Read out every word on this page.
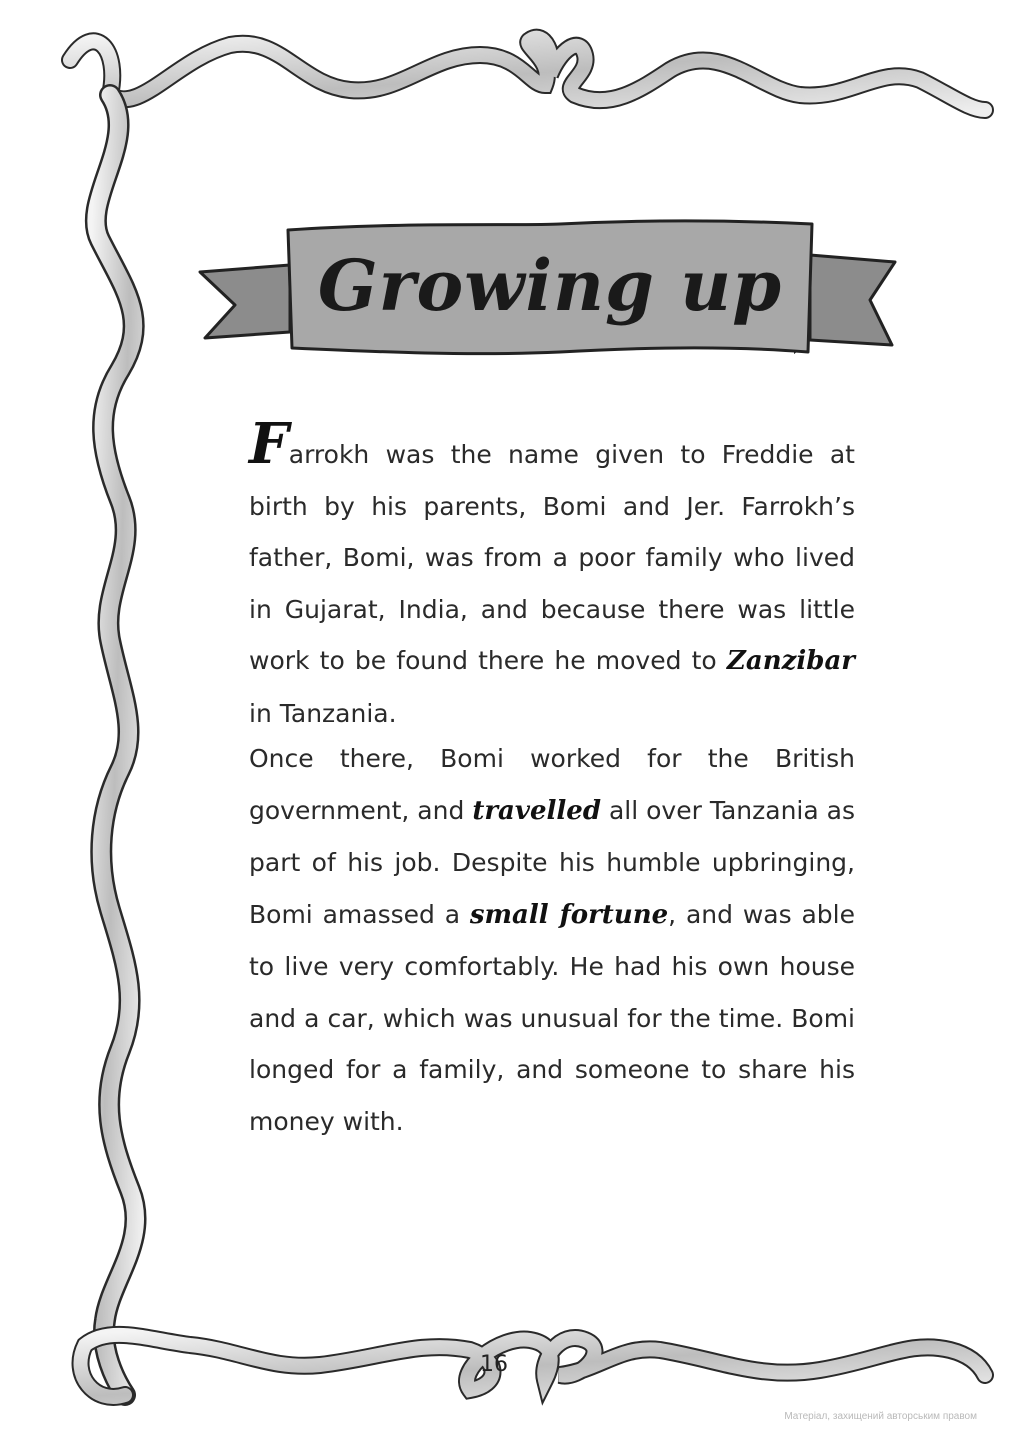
Growing up
Farrokh was the name given to Freddie at birth by his parents, Bomi and Jer. Farrokh’s father, Bomi, was from a poor family who lived in Gujarat, India, and because there was little work to be found there he moved to Zanzibar in Tanzania.
Once there, Bomi worked for the British government, and travelled all over Tanzania as part of his job. Despite his humble upbringing, Bomi amassed a small fortune, and was able to live very comfortably. He had his own house and a car, which was unusual for the time. Bomi longed for a family, and someone to share his money with.
16
Матеріал, захищений авторським правом
